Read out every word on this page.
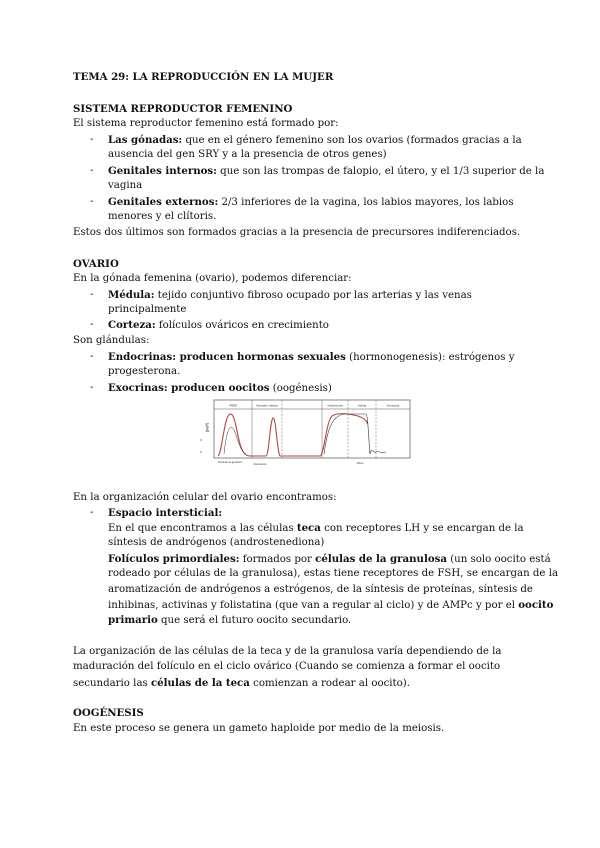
TEMA 29: LA REPRODUCCIÓN EN LA MUJER
SISTEMA REPRODUCTOR FEMENINO
El sistema reproductor femenino está formado por:
- Las gónadas: que en el género femenino son los ovarios (formados gracias a la
ausencia del gen SRY y a la presencia de otros genes)
- Genitales internos: que son las trompas de falopio, el útero, y el 1/3 superior de la
vagina
- Genitales externos: 2/3 inferiores de la vagina, los labios mayores, los labios
menores y el clítoris.
Estos dos últimos son formados gracias a la presencia de precursores indiferenciados.
OVARIO
En la gónada femenina (ovario), podemos diferenciar:
- Médula: tejido conjuntivo fibroso ocupado por las arterias y las venas
principalmente
- Corteza: folículos ováricos en crecimiento
Son glándulas:
- Endocrinas: producen hormonas sexuales (hormonogenesis): estrógenos y
progesterona.
- Exocrinas: producen oocitos (oogénesis)
Fetal	Neonatal / infancia	Adolescencia	Adulta	Senectud
[µg/l]
Años
Nacimiento
Semanas de gestación
En la organización celular del ovario encontramos:
- Espacio intersticial:
En el que encontramos a las células teca con receptores LH y se encargan de la
síntesis de andrógenos (androstenediona)
Folículos primordiales: formados por células de la granulosa (un solo oocito está
rodeado por células de la granulosa), estas tiene receptores de FSH, se encargan de la
aromatización de andrógenos a estrógenos, de la síntesis de proteínas, síntesis de
inhibinas, activinas y folistatina (que van a regular al ciclo) y de AMPc y por el oocito
primario que será el futuro oocito secundario.
La organización de las células de la teca y de la granulosa varía dependiendo de la
maduración del folículo en el ciclo ovárico (Cuando se comienza a formar el oocito
secundario las células de la teca comienzan a rodear al oocito).
OOGÉNESIS
En este proceso se genera un gameto haploide por medio de la meiosis.
